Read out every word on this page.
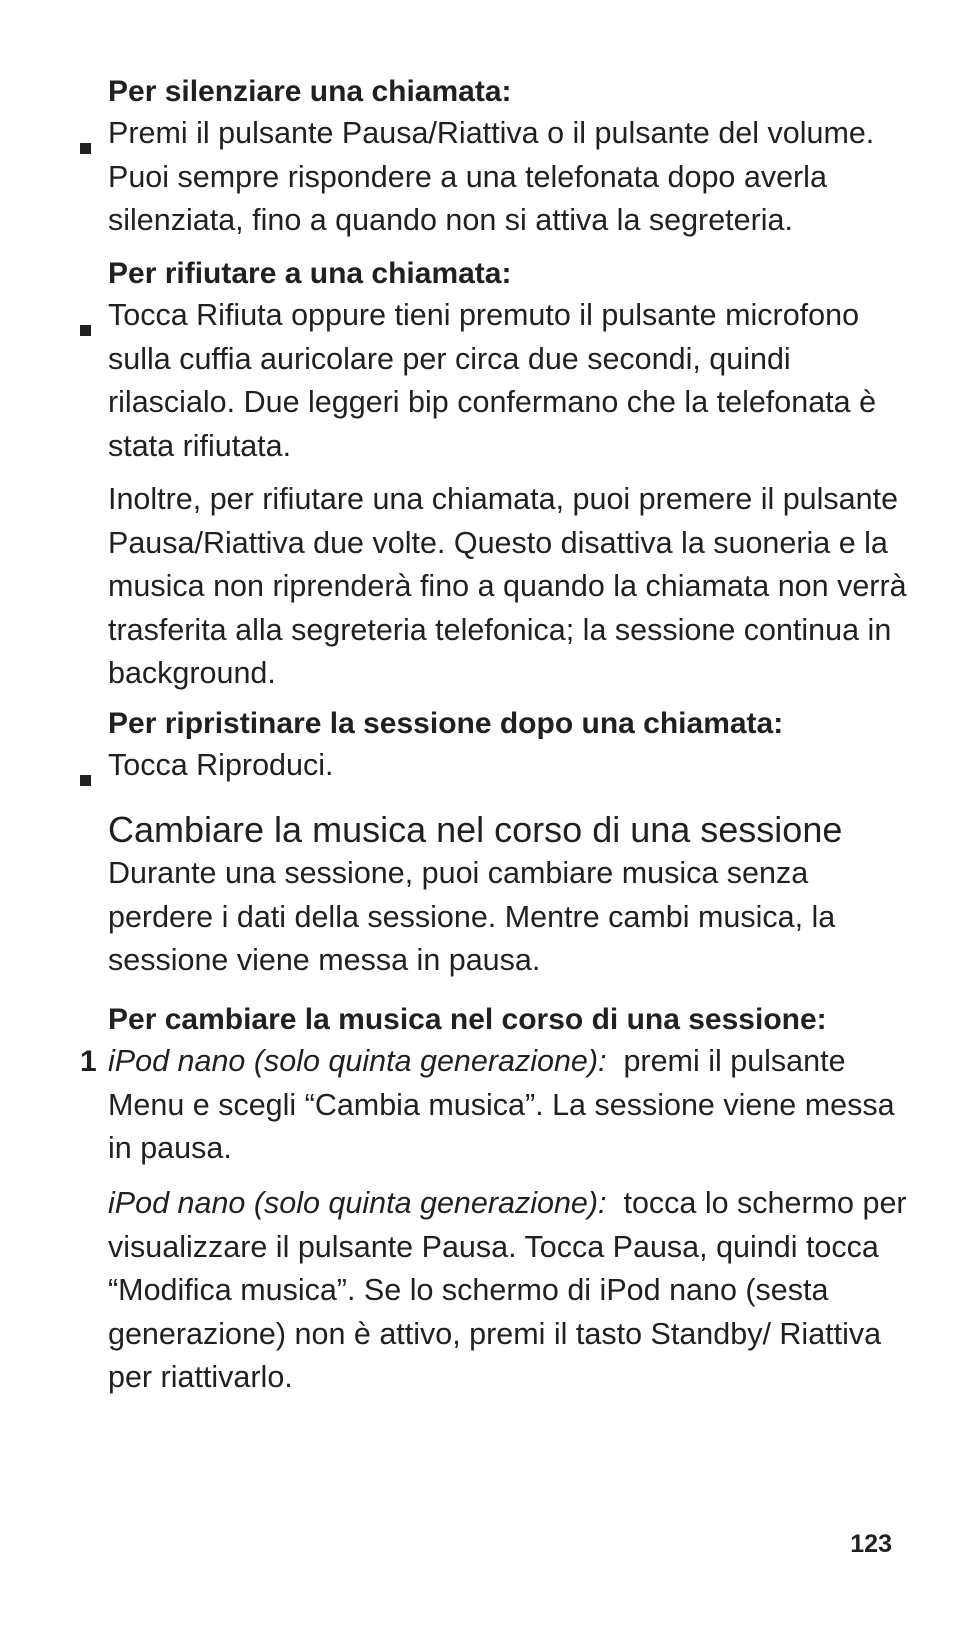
Per silenziare una chiamata:

Premi il pulsante Pausa/Riattiva o il pulsante del volume. Puoi sempre rispondere a una telefonata dopo averla silenziata, fino a quando non si attiva la segreteria.

Per rifiutare a una chiamata:

Tocca Rifiuta oppure tieni premuto il pulsante microfono sulla cuffia auricolare per circa due secondi, quindi rilascialo. Due leggeri bip confermano che la telefonata è stata rifiutata.

Inoltre, per rifiutare una chiamata, puoi premere il pulsante Pausa/Riattiva due volte. Questo disattiva la suoneria e la musica non riprenderà fino a quando la chiamata non verrà trasferita alla segreteria telefonica; la sessione continua in background.

Per ripristinare la sessione dopo una chiamata:

Tocca Riproduci.

Cambiare la musica nel corso di una sessione

Durante una sessione, puoi cambiare musica senza perdere i dati della sessione. Mentre cambi musica, la sessione viene messa in pausa.

Per cambiare la musica nel corso di una sessione:

1 iPod nano (solo quinta generazione): premi il pulsante Menu e scegli “Cambia musica”. La sessione viene messa in pausa.

iPod nano (solo quinta generazione): tocca lo schermo per visualizzare il pulsante Pausa. Tocca Pausa, quindi tocca “Modifica musica”. Se lo schermo di iPod nano (sesta generazione) non è attivo, premi il tasto Standby/ Riattiva per riattivarlo.

123
